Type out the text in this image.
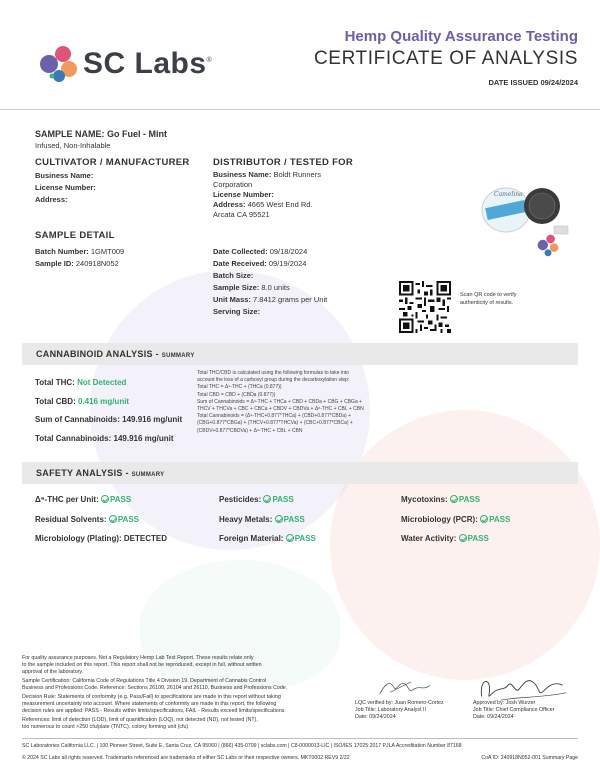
SC Labs®
Hemp Quality Assurance Testing
CERTIFICATE OF ANALYSIS
DATE ISSUED 09/24/2024
SAMPLE NAME: Go Fuel - Mint
Infused, Non-Inhalable
CULTIVATOR / MANUFACTURER
Business Name:
License Number:
Address:
DISTRIBUTOR / TESTED FOR
Business Name: Boldt Runners
Corporation
License Number:
Address: 4665 West End Rd.
Arcata CA 95521
Camelina
SAMPLE DETAIL
Batch Number: 1GMT009
Sample ID: 240918N052
Date Collected: 09/18/2024
Date Received: 09/19/2024
Batch Size:
Sample Size: 8.0 units
Unit Mass: 7.8412 grams per Unit
Serving Size:
Scan QR code to verify authenticity of results.
CANNABINOID ANALYSIS - SUMMARY
Total THC: Not Detected
Total CBD: 0.416 mg/unit
Sum of Cannabinoids: 149.916 mg/unit
Total Cannabinoids: 149.916 mg/unit
Total THC/CBD is calculated using the following formulas to take into
account the loss of a carboxyl group during the decarboxylation step:
Total THC = Δ⁹-THC + (THCa (0.877))
Total CBD = CBD + (CBDa (0.877))
Sum of Cannabinoids = Δ⁹-THC + THCa + CBD + CBDa + CBG + CBGa +
THCV + THCVa + CBC + CBCa + CBDV + CBDVa + Δ⁸-THC + CBL + CBN
Total Cannabinoids = (Δ⁹-THC+0.877*THCa) + (CBD+0.877*CBDa) +
(CBG+0.877*CBGa) + (THCV+0.877*THCVa) + (CBC+0.877*CBCa) +
(CBDV+0.877*CBDVa) + Δ⁸-THC + CBL + CBN
SAFETY ANALYSIS - SUMMARY
Δ⁹-THC per Unit: PASS	Pesticides: PASS	Mycotoxins: PASS
Residual Solvents: PASS	Heavy Metals: PASS	Microbiology (PCR): PASS
Microbiology (Plating): DETECTED	Foreign Material: PASS	Water Activity: PASS
For quality assurance purposes. Not a Regulatory Hemp Lab Test Report. These results relate only
to the sample included on this report. This report shall not be reproduced, except in full, without written
approval of the laboratory.
Sample Certification: California Code of Regulations Title 4 Division 19. Department of Cannabis Control
Business and Professions Code. Reference: Sections 26100, 26104 and 26110, Business and Professions Code.
Decision Rule: Statements of conformity (e.g. Pass/Fail) to specifications are made in this report without taking
measurement uncertainty into account. Where statements of conformity are made in this report, the following
decision rules are applied: PASS - Results within limits/specifications, FAIL - Results exceed limits/specifications.
References: limit of detection (LOD), limit of quantification (LOQ), not detected (ND), not tested (NT),
too numerous to count >250 cfu/plate (TNTC), colony forming unit (cfu)
LQC verified by: Juan Romero-Cortez
Job Title: Laboratory Analyst II
Date: 09/24/2024
Approved by: Josh Wurzer
Job Title: Chief Compliance Officer
Date: 09/24/2024
SC Laboratories California LLC. | 100 Pioneer Street, Suite E, Santa Cruz, CA 95060 | (866) 435-0709 | sclabs.com | C8-0000013-LIC | ISO/IES 17025:2017 PJLA Accreditation Number 87168
© 2024 SC Labs all rights reserved. Trademarks referenced are trademarks of either SC Labs or their respective owners. MKT0002 REV9 2/22	CoA ID: 240918N052-001 Summary Page
